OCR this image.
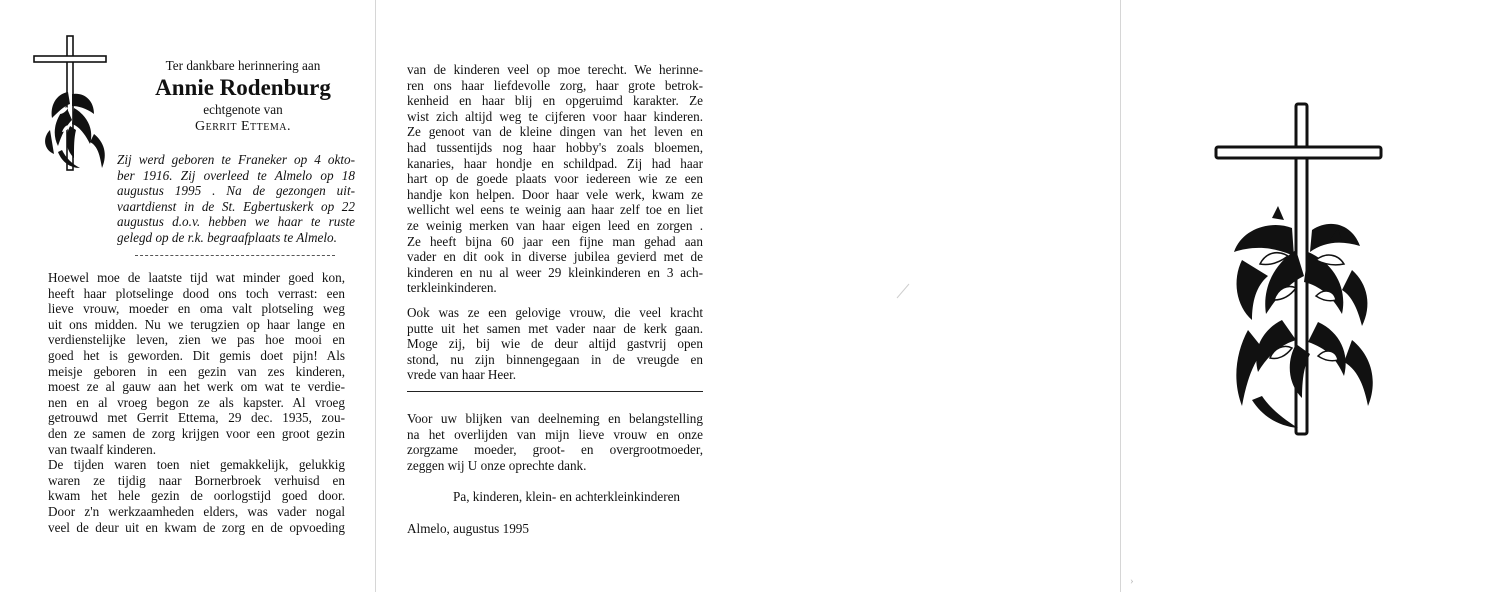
Ter dankbare herinnering aan
Annie Rodenburg
echtgenote van
Gerrit Ettema.
Zij werd geboren te Franeker op 4 okto-
ber 1916. Zij overleed te Almelo op 18
augustus 1995 . Na de gezongen uit-
vaartdienst in de St. Egbertuskerk op 22
augustus d.o.v. hebben we haar te ruste
gelegd op de r.k. begraafplaats te Almelo.
Hoewel moe de laatste tijd wat minder goed kon,
heeft haar plotselinge dood ons toch verrast: een
lieve vrouw, moeder en oma valt plotseling weg
uit ons midden. Nu we terugzien op haar lange en
verdienstelijke leven, zien we pas hoe mooi en
goed het is geworden. Dit gemis doet pijn! Als
meisje geboren in een gezin van zes kinderen,
moest ze al gauw aan het werk om wat te verdie-
nen en al vroeg begon ze als kapster. Al vroeg
getrouwd met Gerrit Ettema, 29 dec. 1935, zou-
den ze samen de zorg krijgen voor een groot gezin
van twaalf kinderen.
De tijden waren toen niet gemakkelijk, gelukkig
waren ze tijdig naar Bornerbroek verhuisd en
kwam het hele gezin de oorlogstijd goed door.
Door z'n werkzaamheden elders, was vader nogal
veel de deur uit en kwam de zorg en de opvoeding
van de kinderen veel op moe terecht. We herinne-
ren ons haar liefdevolle zorg, haar grote betrok-
kenheid en haar blij en opgeruimd karakter. Ze
wist zich altijd weg te cijferen voor haar kinderen.
Ze genoot van de kleine dingen van het leven en
had tussentijds nog haar hobby's zoals bloemen,
kanaries, haar hondje en schildpad. Zij had haar
hart op de goede plaats voor iedereen wie ze een
handje kon helpen. Door haar vele werk, kwam ze
wellicht wel eens te weinig aan haar zelf toe en liet
ze weinig merken van haar eigen leed en zorgen .
Ze heeft bijna 60 jaar een fijne man gehad aan
vader en dit ook in diverse jubilea gevierd met de
kinderen en nu al weer 29 kleinkinderen en 3 ach-
terkleinkinderen.
Ook was ze een gelovige vrouw, die veel kracht
putte uit het samen met vader naar de kerk gaan.
Moge zij, bij wie de deur altijd gastvrij open
stond, nu zijn binnengegaan in de vreugde en
vrede van haar Heer.
Voor uw blijken van deelneming en belangstelling
na het overlijden van mijn lieve vrouw en onze
zorgzame moeder, groot- en overgrootmoeder,
zeggen wij U onze oprechte dank.
Pa, kinderen, klein- en achterkleinkinderen
Almelo, augustus 1995
›
